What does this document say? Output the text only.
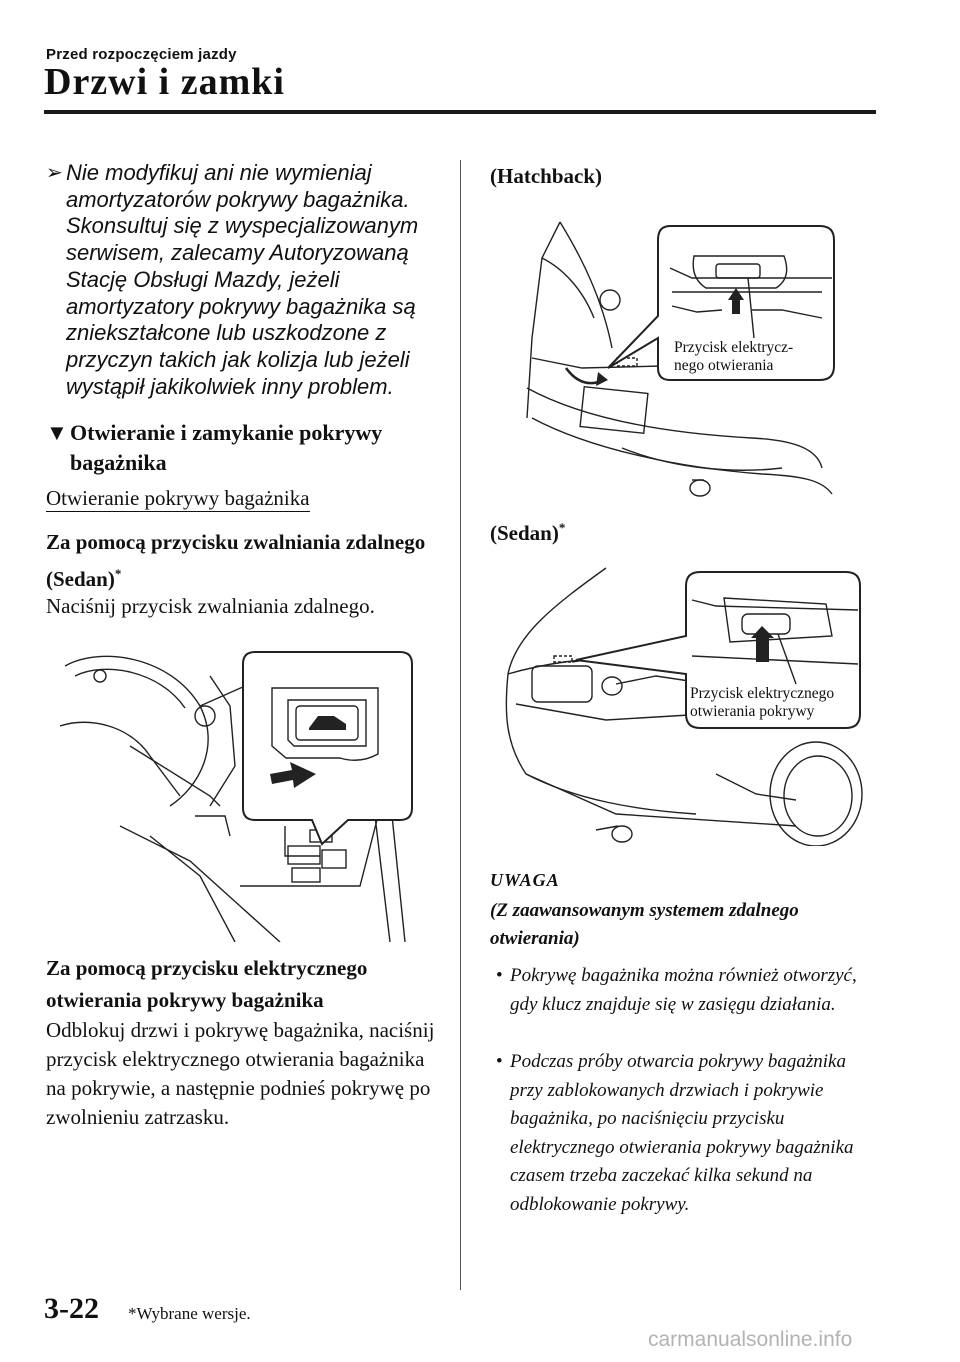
Przed rozpoczęciem jazdy
Drzwi i zamki
➢ Nie modyfikuj ani nie wymieniaj amortyzatorów pokrywy bagażnika. Skonsultuj się z wyspecjalizowanym serwisem, zalecamy Autoryzowaną Stację Obsługi Mazdy, jeżeli amortyzatory pokrywy bagażnika są zniekształcone lub uszkodzone z przyczyn takich jak kolizja lub jeżeli wystąpił jakikolwiek inny problem.
▼ Otwieranie i zamykanie pokrywy bagażnika
Otwieranie pokrywy bagażnika
Za pomocą przycisku zwalniania zdalnego (Sedan)*
Naciśnij przycisk zwalniania zdalnego.
Za pomocą przycisku elektrycznego otwierania pokrywy bagażnika
Odblokuj drzwi i pokrywę bagażnika, naciśnij przycisk elektrycznego otwierania bagażnika na pokrywie, a następnie podnieś pokrywę po zwolnieniu zatrzasku.
(Hatchback)
Przycisk elektrycz-
nego otwierania
(Sedan)*
Przycisk elektrycznego
otwierania pokrywy
UWAGA
(Z zaawansowanym systemem zdalnego otwierania)
• Pokrywę bagażnika można również otworzyć, gdy klucz znajduje się w zasięgu działania.
• Podczas próby otwarcia pokrywy bagażnika przy zablokowanych drzwiach i pokrywie bagażnika, po naciśnięciu przycisku elektrycznego otwierania pokrywy bagażnika czasem trzeba zaczekać kilka sekund na odblokowanie pokrywy.
3-22 *Wybrane wersje.
carmanualsonline.info
